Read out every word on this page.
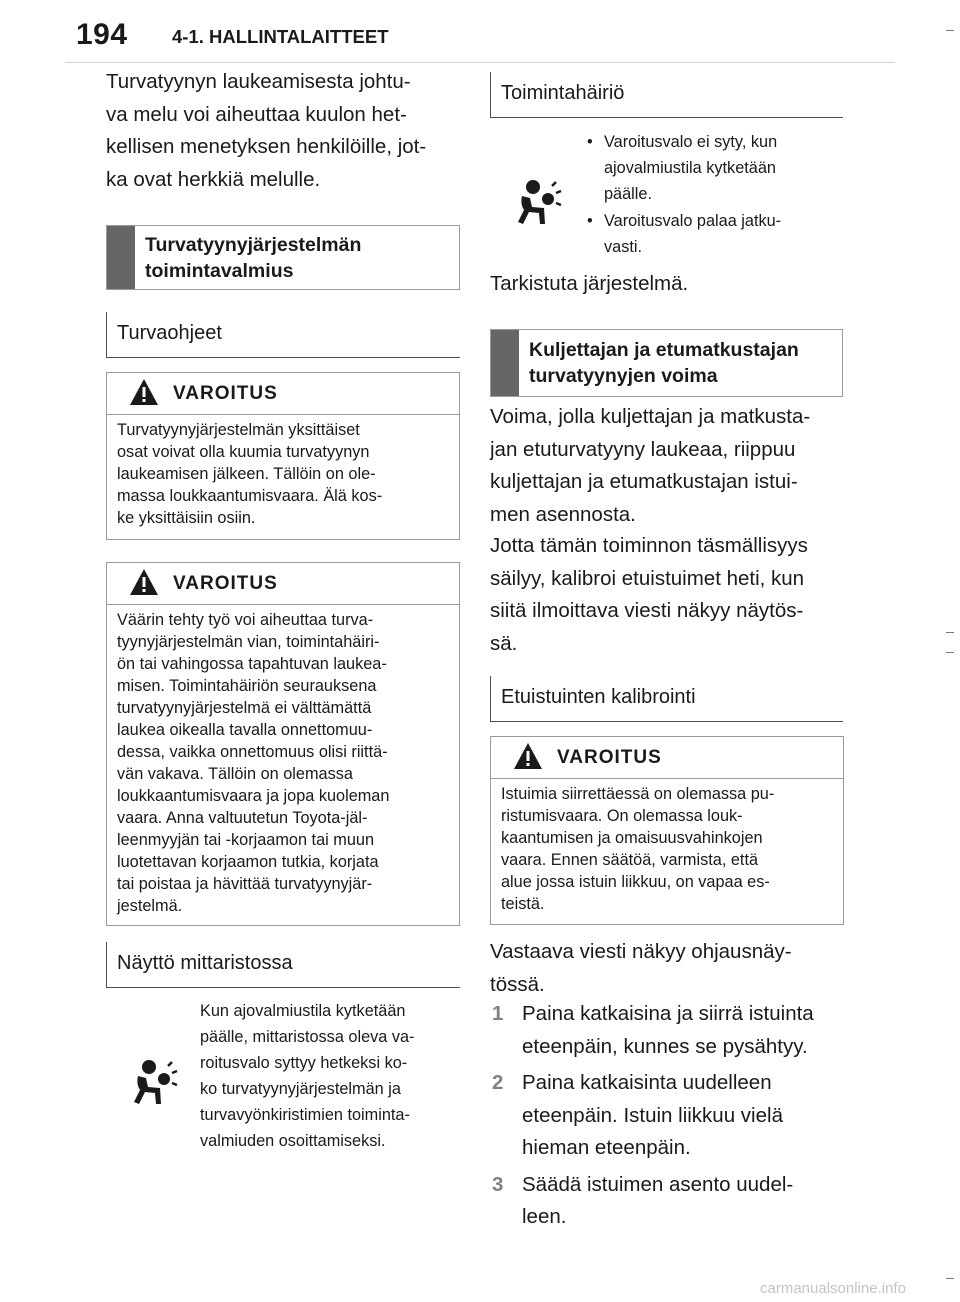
194 4-1. HALLINTALAITTEET

Turvatyynyn laukeamisesta johtu-

va melu voi aiheuttaa kuulon het-

kellisen menetyksen henkilöille, jot-

ka ovat herkkiä melulle.

Turvatyynyjärjestelmän
toimintavalmius
Turvaohjeet
VAROITUS
Turvatyynyjärjestelmän yksittäiset
osat voivat olla kuumia turvatyynyn
laukeamisen jälkeen. Tällöin on ole-
massa loukkaantumisvaara. Älä kos-
ke yksittäisiin osiin.
VAROITUS
Väärin tehty työ voi aiheuttaa turva-
tyynyjärjestelmän vian, toimintahäiri-
ön tai vahingossa tapahtuvan laukea-
misen. Toimintahäiriön seurauksena
turvatyynyjärjestelmä ei välttämättä
laukea oikealla tavalla onnettomuu-
dessa, vaikka onnettomuus olisi riittä-
vän vakava. Tällöin on olemassa
loukkaantumisvaara ja jopa kuoleman
vaara. Anna valtuutetun Toyota-jäl-
leenmyyjän tai -korjaamon tai muun
luotettavan korjaamon tutkia, korjata
tai poistaa ja hävittää turvatyynyjär-
jestelmä.
Näyttö mittaristossa
Kun ajovalmiustila kytketään
päälle, mittaristossa oleva va-
roitusvalo syttyy hetkeksi ko-
ko turvatyynyjärjestelmän ja
turvavyönkiristimien toiminta-
valmiuden osoittamiseksi.
Toimintahäiriö
• Varoitusvalo ei syty, kun
ajovalmiustila kytketään
päälle.
• Varoitusvalo palaa jatku-
vasti.

Tarkistuta järjestelmä.

Kuljettajan ja etumatkustajan
turvatyynyjen voima

Voima, jolla kuljettajan ja matkusta-

jan etuturvatyyny laukeaa, riippuu

kuljettajan ja etumatkustajan istui-

men asennosta.

Jotta tämän toiminnon täsmällisyys

säilyy, kalibroi etuistuimet heti, kun

siitä ilmoittava viesti näkyy näytös-

sä.

Etuistuinten kalibrointi
VAROITUS
Istuimia siirrettäessä on olemassa pu-
ristumisvaara. On olemassa louk-
kaantumisen ja omaisuusvahinkojen
vaara. Ennen säätöä, varmista, että
alue jossa istuin liikkuu, on vapaa es-
teistä.

Vastaava viesti näkyy ohjausnäy-

tössä.

1 Paina katkaisina ja siirrä istuinta
eteenpäin, kunnes se pysähtyy.
2 Paina katkaisinta uudelleen
eteenpäin. Istuin liikkuu vielä
hieman eteenpäin.
3 Säädä istuimen asento uudel-
leen.
carmanualsonline.info
